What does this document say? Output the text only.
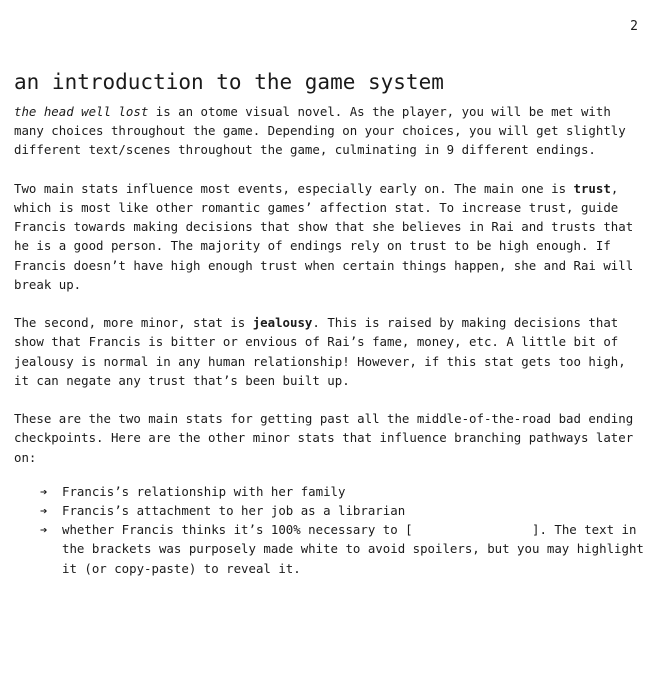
2
an introduction to the game system

the head well lost is an otome visual novel. As the player, you will be met with many choices throughout the game. Depending on your choices, you will get slightly different text/scenes throughout the game, culminating in 9 different endings.

Two main stats influence most events, especially early on. The main one is trust, which is most like other romantic games’ affection stat. To increase trust, guide Francis towards making decisions that show that she believes in Rai and trusts that he is a good person. The majority of endings rely on trust to be high enough. If Francis doesn’t have high enough trust when certain things happen, she and Rai will break up.

The second, more minor, stat is jealousy. This is raised by making decisions that show that Francis is bitter or envious of Rai’s fame, money, etc. A little bit of jealousy is normal in any human relationship! However, if this stat gets too high, it can negate any trust that’s been built up.

These are the two main stats for getting past all the middle-of-the-road bad ending checkpoints. Here are the other minor stats that influence branching pathways later on:

➔ Francis’s relationship with her family
➔ Francis’s attachment to her job as a librarian
➔ whether Francis thinks it’s 100% necessary to [keep her secrets]. The text in the brackets was purposely made white to avoid spoilers, but you may highlight it (or copy-paste) to reveal it.
